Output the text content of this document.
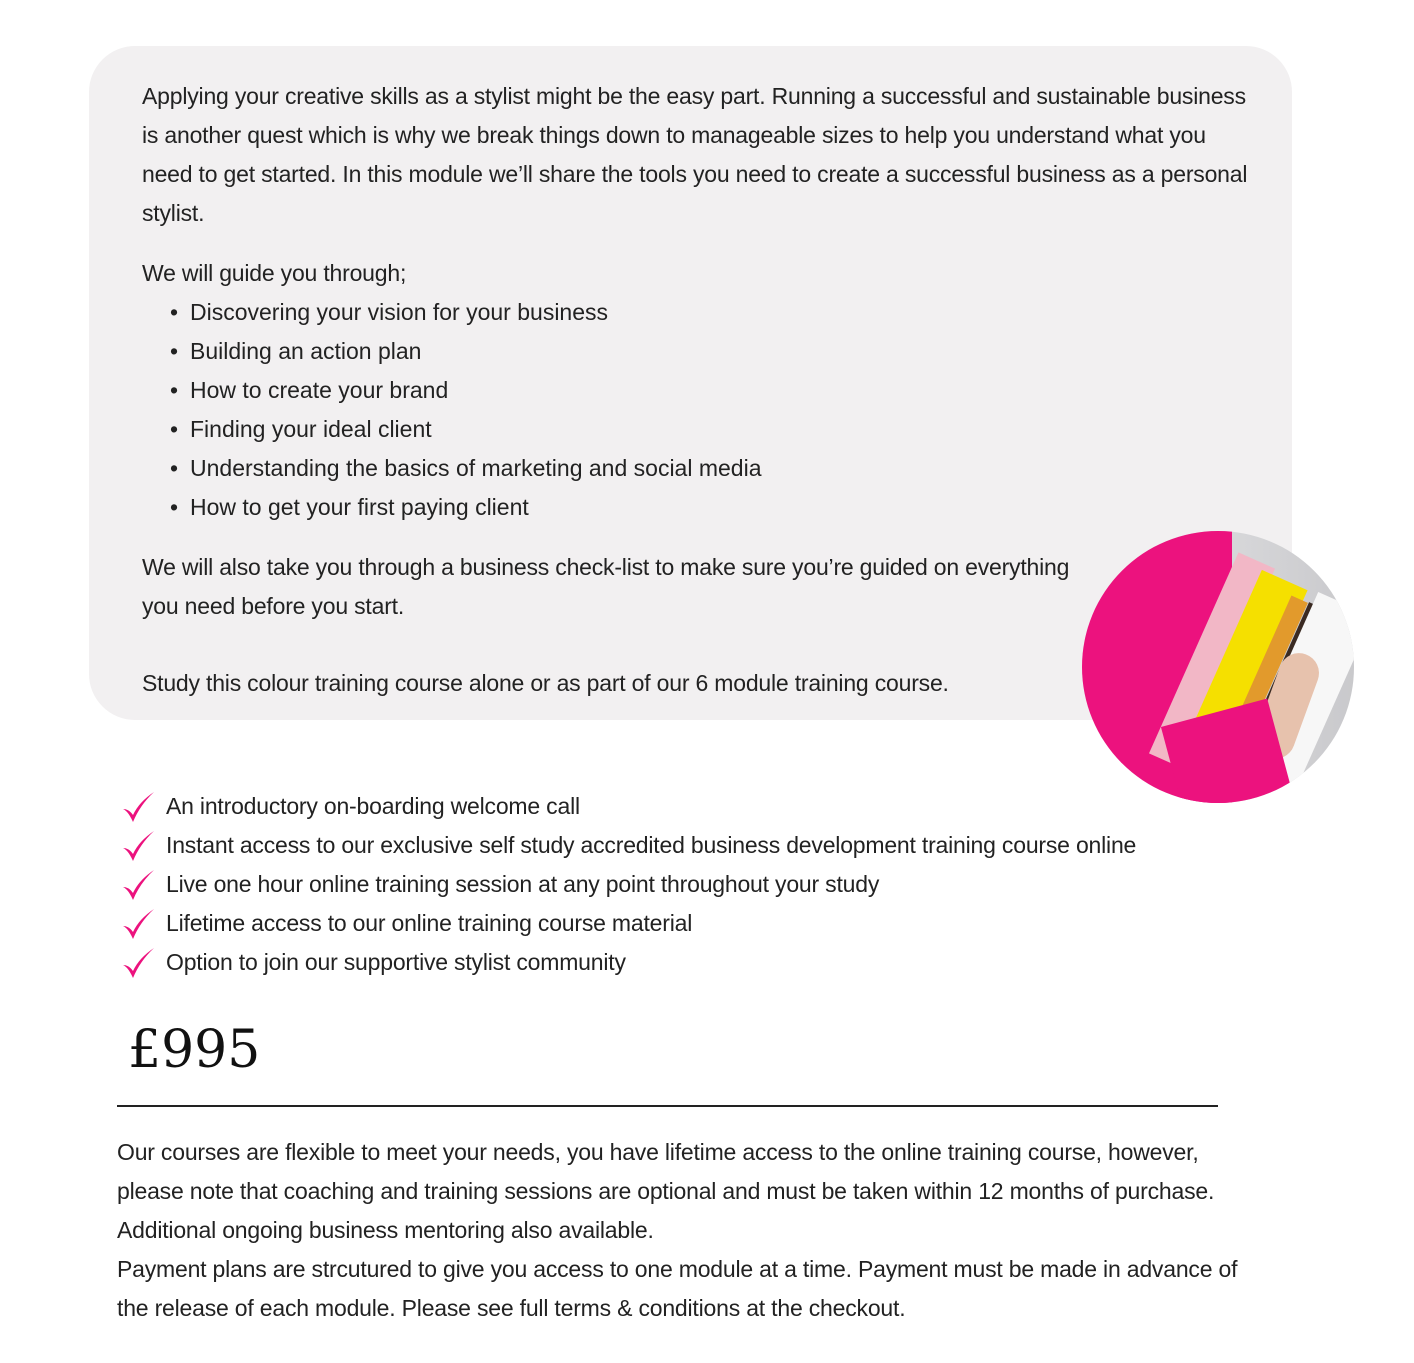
Applying your creative skills as a stylist might be the easy part. Running a successful and sustainable business is another quest which is why we break things down to manageable sizes to help you understand what you need to get started. In this module we’ll share the tools you need to create a successful business as a personal stylist.

We will guide you through;
• Discovering your vision for your business
• Building an action plan
• How to create your brand
• Finding your ideal client
• Understanding the basics of marketing and social media
• How to get your first paying client
We will also take you through a business check-list to make sure you’re guided on everything you need before you start.
Study this colour training course alone or as part of our 6 module training course.
An introductory on-boarding welcome call
Instant access to our exclusive self study accredited business development training course online
Live one hour online training session at any point throughout your study
Lifetime access to our online training course material
Option to join our supportive stylist community
£995
Our courses are flexible to meet your needs, you have lifetime access to the online training course, however, please note that coaching and training sessions are optional and must be taken within 12 months of purchase. Additional ongoing business mentoring also available.
Payment plans are strcutured to give you access to one module at a time. Payment must be made in advance of the release of each module. Please see full terms & conditions at the checkout.
